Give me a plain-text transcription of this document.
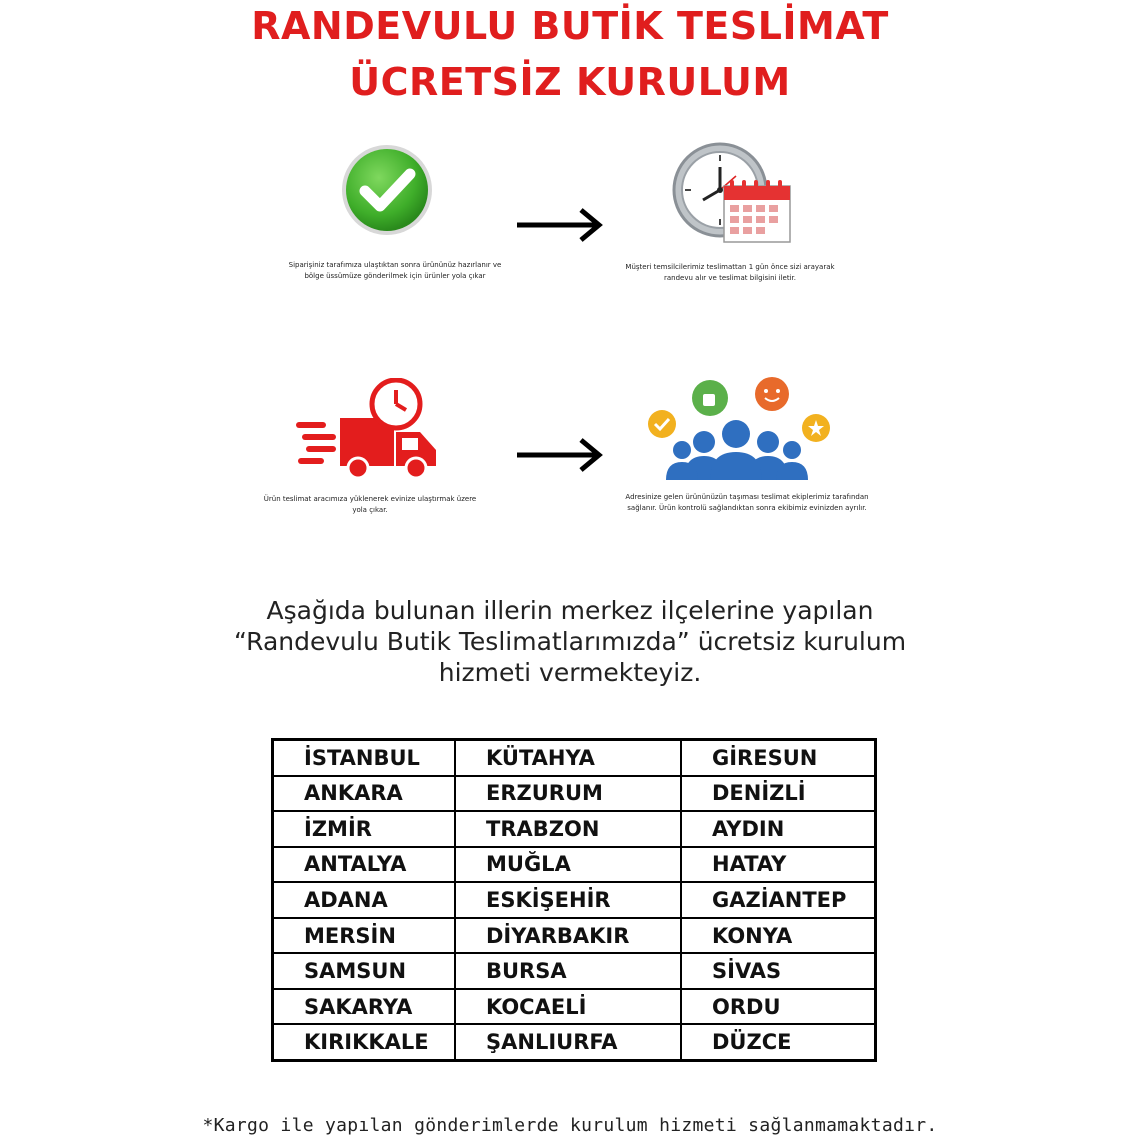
RANDEVULU BUTİK TESLİMAT
ÜCRETSİZ KURULUM
Siparişiniz tarafımıza ulaştıktan sonra ürününüz hazırlanır ve bölge üssümüze gönderilmek için ürünler yola çıkar
Müşteri temsilcilerimiz teslimattan 1 gün önce sizi arayarak randevu alır ve teslimat bilgisini iletir.
Ürün teslimat aracımıza yüklenerek evinize ulaştırmak üzere yola çıkar.
Adresinize gelen ürününüzün taşıması teslimat ekiplerimiz tarafından sağlanır. Ürün kontrolü sağlandıktan sonra ekibimiz evinizden ayrılır.
Aşağıda bulunan illerin merkez ilçelerine yapılan
“Randevulu Butik Teslimatlarımızda” ücretsiz kurulum
hizmeti vermekteyiz.
İSTANBUL	KÜTAHYA	GİRESUN
ANKARA	ERZURUM	DENİZLİ
İZMİR	TRABZON	AYDIN
ANTALYA	MUĞLA	HATAY
ADANA	ESKİŞEHİR	GAZİANTEP
MERSİN	DİYARBAKIR	KONYA
SAMSUN	BURSA	SİVAS
SAKARYA	KOCAELİ	ORDU
KIRIKKALE	ŞANLIURFA	DÜZCE
*Kargo ile yapılan gönderimlerde kurulum hizmeti sağlanmamaktadır.
